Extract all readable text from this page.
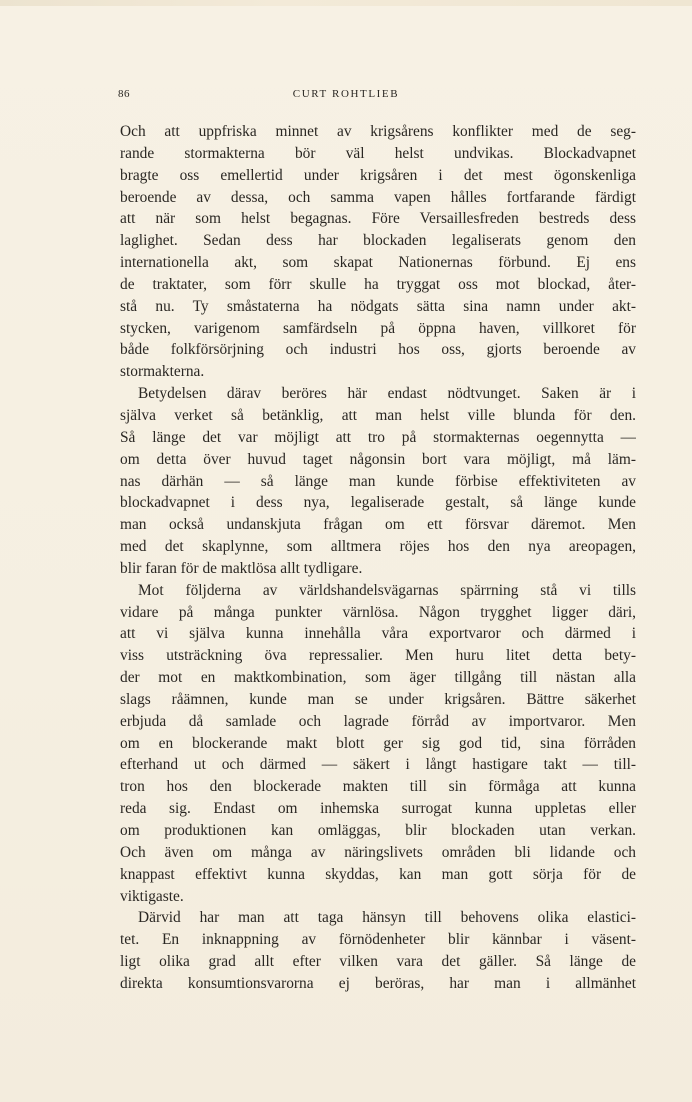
86	CURT ROHTLIEB
Och att uppfriska minnet av krigsårens konflikter med de seg-
rande stormakterna bör väl helst undvikas. Blockadvapnet
bragte oss emellertid under krigsåren i det mest ögonskenliga
beroende av dessa, och samma vapen hålles fortfarande färdigt
att när som helst begagnas. Före Versaillesfreden bestreds dess
laglighet. Sedan dess har blockaden legaliserats genom den
internationella akt, som skapat Nationernas förbund. Ej ens
de traktater, som förr skulle ha tryggat oss mot blockad, åter-
stå nu. Ty småstaterna ha nödgats sätta sina namn under akt-
stycken, varigenom samfärdseln på öppna haven, villkoret för
både folkförsörjning och industri hos oss, gjorts beroende av
stormakterna.
Betydelsen därav beröres här endast nödtvunget. Saken är i
själva verket så betänklig, att man helst ville blunda för den.
Så länge det var möjligt att tro på stormakternas oegennytta —
om detta över huvud taget någonsin bort vara möjligt, må läm-
nas därhän — så länge man kunde förbise effektiviteten av
blockadvapnet i dess nya, legaliserade gestalt, så länge kunde
man också undanskjuta frågan om ett försvar däremot. Men
med det skaplynne, som alltmera röjes hos den nya areopagen,
blir faran för de maktlösa allt tydligare.
Mot följderna av världshandelsvägarnas spärrning stå vi tills
vidare på många punkter värnlösa. Någon trygghet ligger däri,
att vi själva kunna innehålla våra exportvaror och därmed i
viss utsträckning öva repressalier. Men huru litet detta bety-
der mot en maktkombination, som äger tillgång till nästan alla
slags råämnen, kunde man se under krigsåren. Bättre säkerhet
erbjuda då samlade och lagrade förråd av importvaror. Men
om en blockerande makt blott ger sig god tid, sina förråden
efterhand ut och därmed — säkert i långt hastigare takt — till-
tron hos den blockerade makten till sin förmåga att kunna
reda sig. Endast om inhemska surrogat kunna uppletas eller
om produktionen kan omläggas, blir blockaden utan verkan.
Och även om många av näringslivets områden bli lidande och
knappast effektivt kunna skyddas, kan man gott sörja för de
viktigaste.
Därvid har man att taga hänsyn till behovens olika elastici-
tet. En inknappning av förnödenheter blir kännbar i väsent-
ligt olika grad allt efter vilken vara det gäller. Så länge de
direkta konsumtionsvarorna ej beröras, har man i allmänhet
